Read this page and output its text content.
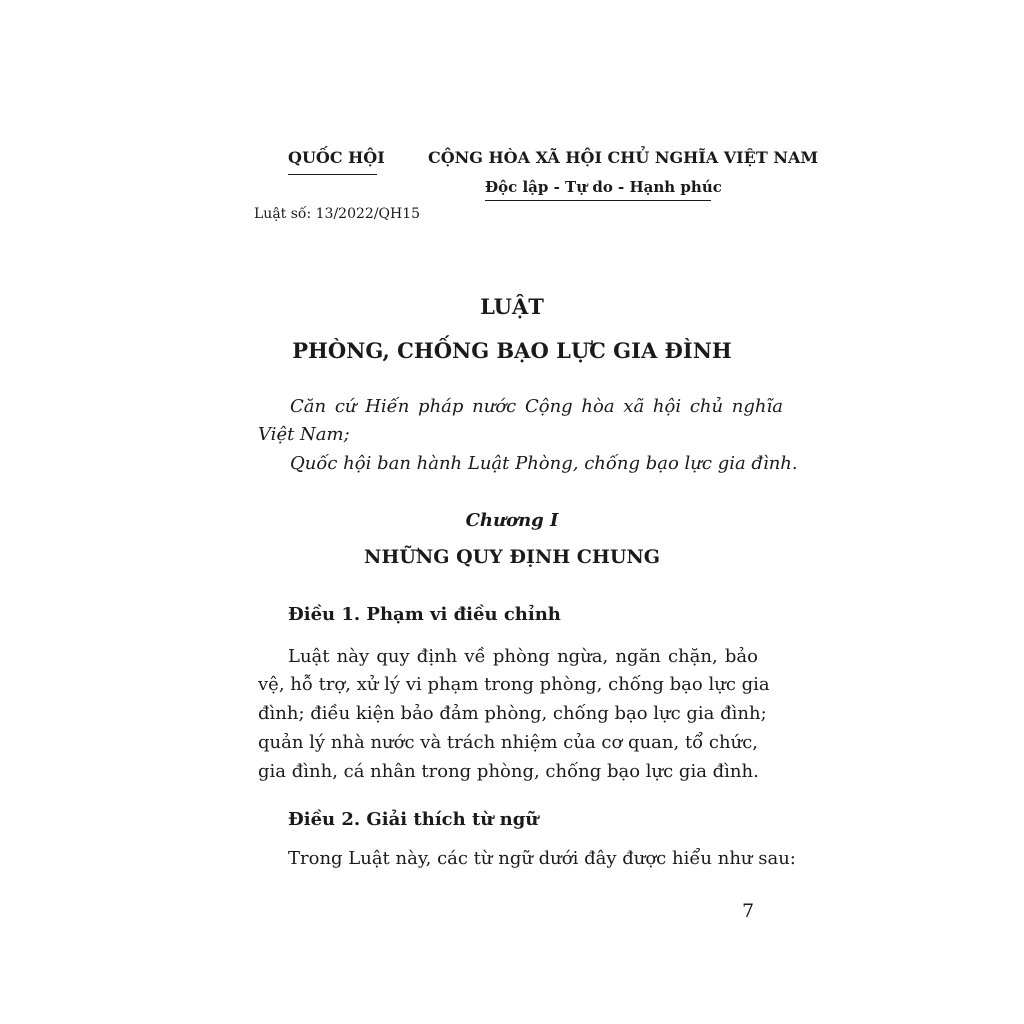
QUỐC HỘI	CỘNG HÒA XÃ HỘI CHỦ NGHĨA VIỆT NAM
Độc lập - Tự do - Hạnh phúc
Luật số: 13/2022/QH15
LUẬT
PHÒNG, CHỐNG BẠO LỰC GIA ĐÌNH
Căn cứ Hiến pháp nước Cộng hòa xã hội chủ nghĩa
Việt Nam;
Quốc hội ban hành Luật Phòng, chống bạo lực gia đình.
Chương I
NHỮNG QUY ĐỊNH CHUNG
Điều 1. Phạm vi điều chỉnh
Luật này quy định về phòng ngừa, ngăn chặn, bảo
vệ, hỗ trợ, xử lý vi phạm trong phòng, chống bạo lực gia
đình; điều kiện bảo đảm phòng, chống bạo lực gia đình;
quản lý nhà nước và trách nhiệm của cơ quan, tổ chức,
gia đình, cá nhân trong phòng, chống bạo lực gia đình.
Điều 2. Giải thích từ ngữ
Trong Luật này, các từ ngữ dưới đây được hiểu như sau:
7
